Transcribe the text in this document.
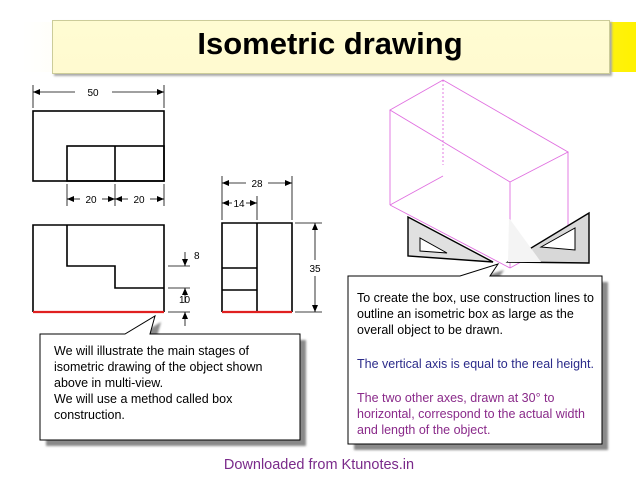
Isometric drawing
50
20	20
8
10
28
14
35
We will illustrate the main stages of
isometric drawing of the object shown
above in multi-view.
We will use a method called box
construction.
To create the box, use construction lines to
outline an isometric box as large as the
overall object to be drawn.
The vertical axis is equal to the real height.
The two other axes, drawn at 30° to
horizontal, correspond to the actual width
and length of the object.
Downloaded from Ktunotes.in
